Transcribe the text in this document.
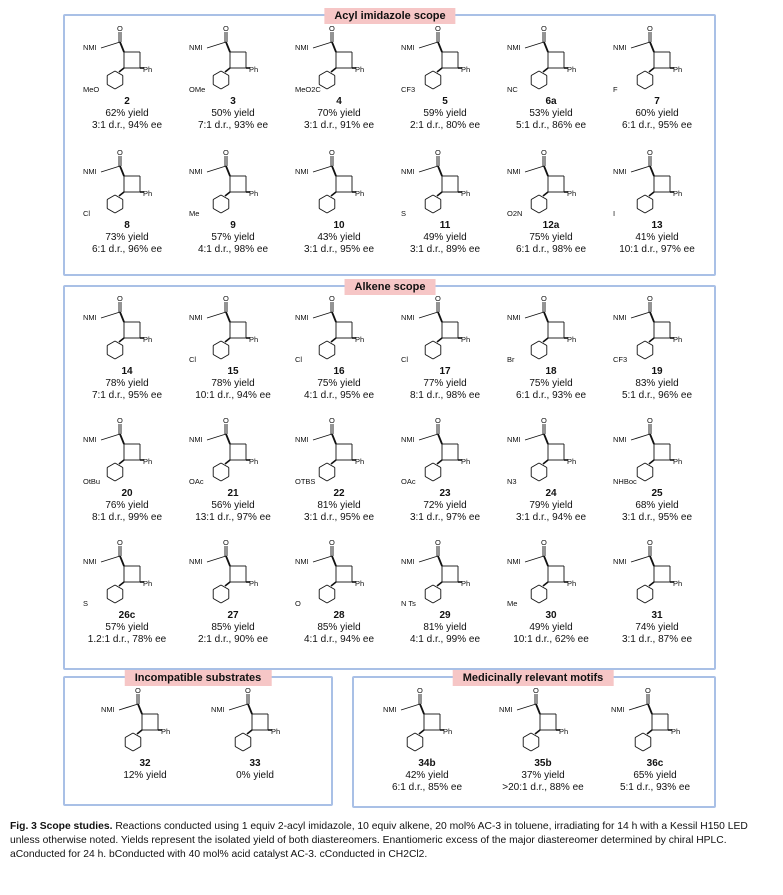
Acyl imidazole scope
Alkene scope
Incompatible substrates	Medicinally relevant motifs
O
NMI
Ph
MeO
2
62% yield
3:1 d.r., 94% ee
O
NMI
Ph
OMe
3
50% yield
7:1 d.r., 93% ee
O
NMI
Ph
MeO2C
4
70% yield
3:1 d.r., 91% ee
O
NMI
Ph
CF3
5
59% yield
2:1 d.r., 80% ee
O
NMI
Ph
NC
6a
53% yield
5:1 d.r., 86% ee
O
NMI
Ph
F
7
60% yield
6:1 d.r., 95% ee
O
NMI
Ph
Cl
8
73% yield
6:1 d.r., 96% ee
O
NMI
Ph
Me
9
57% yield
4:1 d.r., 98% ee
O
NMI
Ph
10
43% yield
3:1 d.r., 95% ee
O
NMI
Ph
S
11
49% yield
3:1 d.r., 89% ee
O
NMI
Ph
O2N
12a
75% yield
6:1 d.r., 98% ee
O
NMI
Ph
I
13
41% yield
10:1 d.r., 97% ee
O
NMI
Ph
14
78% yield
7:1 d.r., 95% ee
O
NMI
Ph
Cl
15
78% yield
10:1 d.r., 94% ee
O
NMI
Ph
Cl
16
75% yield
4:1 d.r., 95% ee
O
NMI
Ph
Cl
17
77% yield
8:1 d.r., 98% ee
O
NMI
Ph
Br
18
75% yield
6:1 d.r., 93% ee
O
NMI
Ph
CF3
19
83% yield
5:1 d.r., 96% ee
O
NMI
Ph
OtBu
20
76% yield
8:1 d.r., 99% ee
O
NMI
Ph
OAc
21
56% yield
13:1 d.r., 97% ee
O
NMI
Ph
OTBS
22
81% yield
3:1 d.r., 95% ee
O
NMI
Ph
OAc
23
72% yield
3:1 d.r., 97% ee
O
NMI
Ph
N3
24
79% yield
3:1 d.r., 94% ee
O
NMI
Ph
NHBoc
25
68% yield
3:1 d.r., 95% ee
O
NMI
Ph
S
26c
57% yield
1.2:1 d.r., 78% ee
O
NMI
Ph
27
85% yield
2:1 d.r., 90% ee
O
NMI
Ph
O
28
85% yield
4:1 d.r., 94% ee
O
NMI
Ph
N Ts
29
81% yield
4:1 d.r., 99% ee
O
NMI
Ph
Me
30
49% yield
10:1 d.r., 62% ee
O
NMI
Ph
31
74% yield
3:1 d.r., 87% ee
O
NMI
Ph
32
12% yield
O
NMI
Ph
33
0% yield
O
NMI
Ph
34b
42% yield
6:1 d.r., 85% ee
O
NMI
Ph
35b
37% yield
>20:1 d.r., 88% ee
O
NMI
Ph
36c
65% yield
5:1 d.r., 93% ee
Fig. 3 Scope studies. Reactions conducted using 1 equiv 2-acyl imidazole, 10 equiv alkene, 20 mol% AC-3 in toluene, irradiating for 14 h with a Kessil H150 LED unless otherwise noted. Yields represent the isolated yield of both diastereomers. Enantiomeric excess of the major diastereomer determined by chiral HPLC. aConducted for 24 h. bConducted with 40 mol% acid catalyst AC-3. cConducted in CH2Cl2.
